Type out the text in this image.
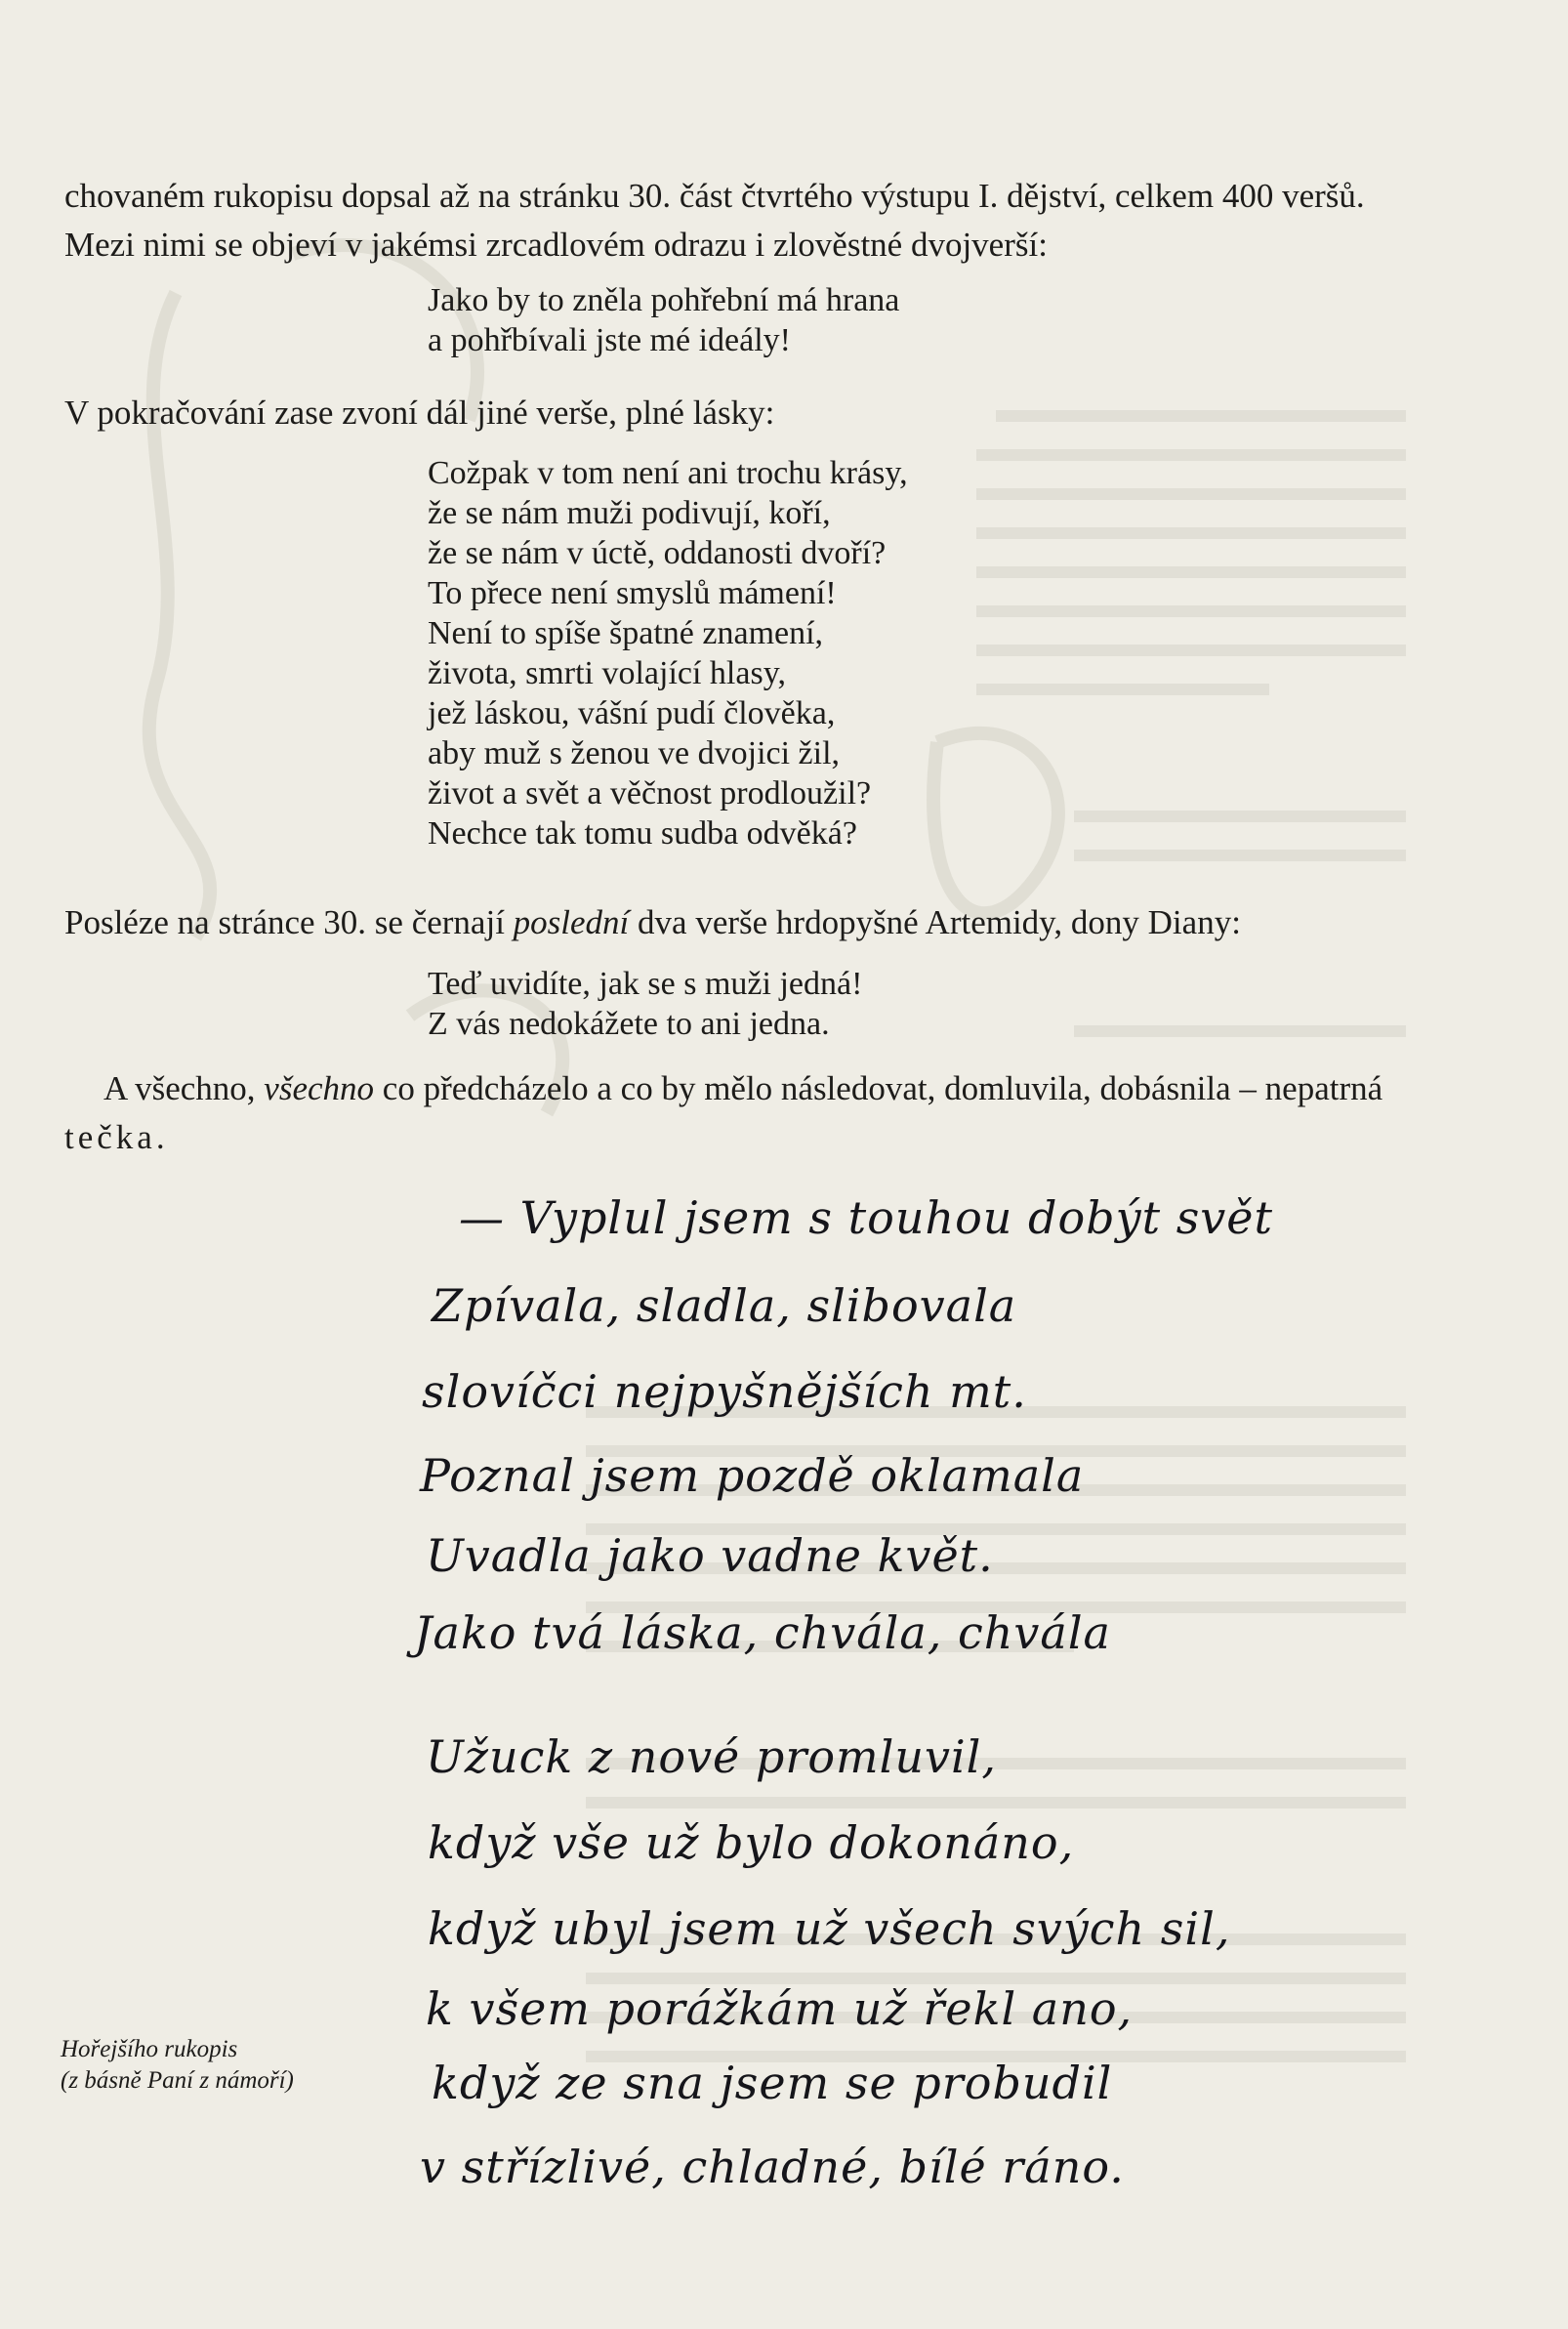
chovaném rukopisu dopsal až na stránku 30. část čtvrtého výstupu I. dějství, celkem 400 veršů. Mezi nimi se objeví v jakémsi zrcadlovém odrazu i zlověstné dvojverší:

Jako by to zněla pohřební má hrana
a pohřbívali jste mé ideály!

V pokračování zase zvoní dál jiné verše, plné lásky:

Cožpak v tom není ani trochu krásy,
že se nám muži podivují, koří,
že se nám v úctě, oddanosti dvoří?
To přece není smyslů mámení!
Není to spíše špatné znamení,
života, smrti volající hlasy,
jež láskou, vášní pudí člověka,
aby muž s ženou ve dvojici žil,
život a svět a věčnost prodloužil?
Nechce tak tomu sudba odvěká?

Posléze na stránce 30. se černají poslední dva verše hrdopyšné Artemidy, dony Diany:

Teď uvidíte, jak se s muži jedná!
Z vás nedokážete to ani jedna.

A všechno, všechno co předcházelo a co by mělo následovat, domluvila, dobásnila – nepatrná tečka.

— Vyplul jsem s touhou dobýt svět
Zpívala, sladla, slibovala
slovíčci nejpyšnějších mt.
Poznal jsem pozdě oklamala
Uvadla jako vadne květ.
Jako tvá láska, chvála, chvála
Užuck z nové promluvil,
když vše už bylo dokonáno,
když ubyl jsem už všech svých sil,
k všem porážkám už řekl ano,
když ze sna jsem se probudil
v střízlivé, chladné, bílé ráno.
Hořejšího rukopis
(z básně Paní z námoří)
